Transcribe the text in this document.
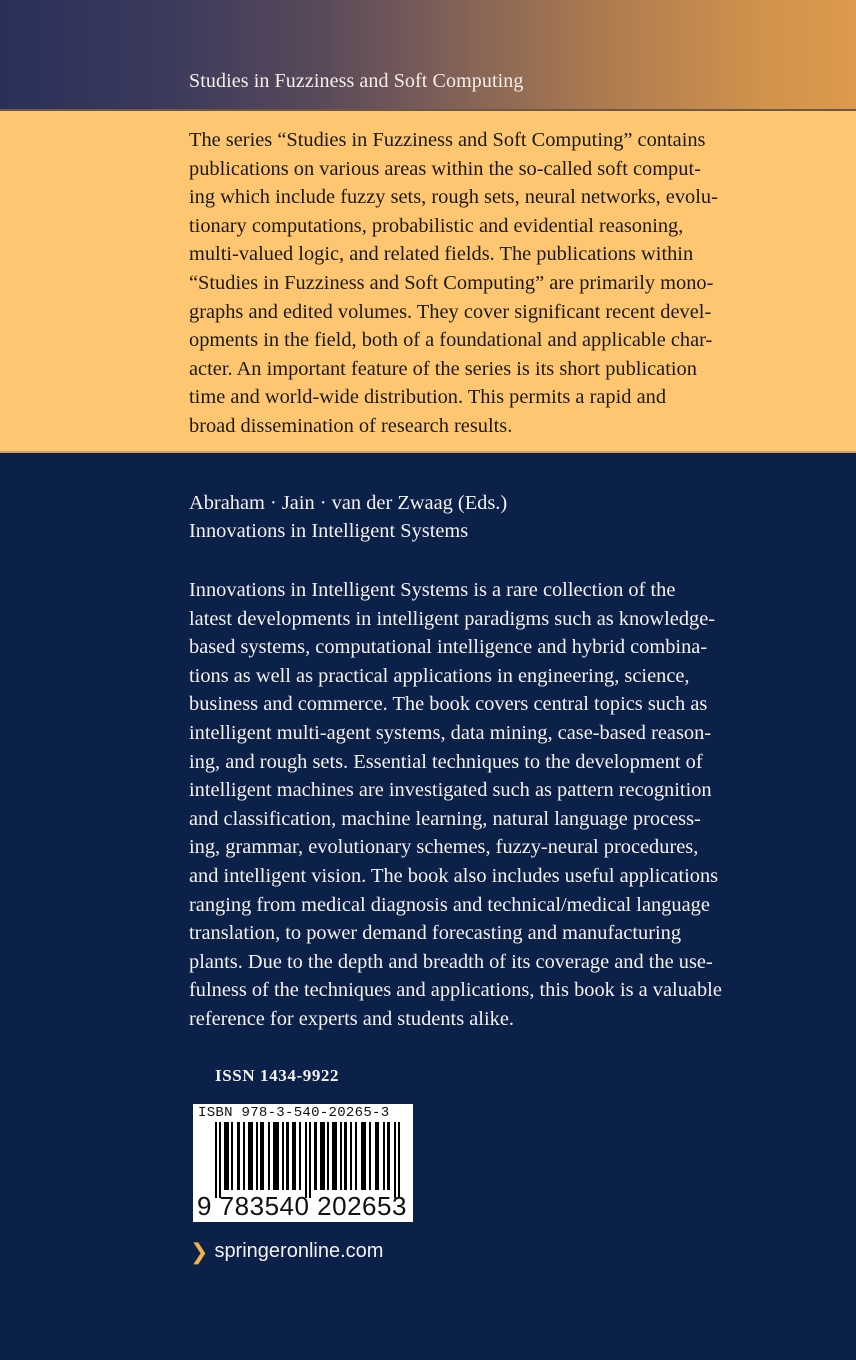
Studies in Fuzziness and Soft Computing
The series “Studies in Fuzziness and Soft Computing” contains
publications on various areas within the so-called soft comput-
ing which include fuzzy sets, rough sets, neural networks, evolu-
tionary computations, probabilistic and evidential reasoning,
multi-valued logic, and related fields. The publications within
“Studies in Fuzziness and Soft Computing” are primarily mono-
graphs and edited volumes. They cover significant recent devel-
opments in the field, both of a foundational and applicable char-
acter. An important feature of the series is its short publication
time and world-wide distribution. This permits a rapid and
broad dissemination of research results.
Abraham · Jain · van der Zwaag (Eds.)
Innovations in Intelligent Systems
Innovations in Intelligent Systems is a rare collection of the
latest developments in intelligent paradigms such as knowledge-
based systems, computational intelligence and hybrid combina-
tions as well as practical applications in engineering, science,
business and commerce. The book covers central topics such as
intelligent multi-agent systems, data mining, case-based reason-
ing, and rough sets. Essential techniques to the development of
intelligent machines are investigated such as pattern recognition
and classification, machine learning, natural language process-
ing, grammar, evolutionary schemes, fuzzy-neural procedures,
and intelligent vision. The book also includes useful applications
ranging from medical diagnosis and technical/medical language
translation, to power demand forecasting and manufacturing
plants. Due to the depth and breadth of its coverage and the use-
fulness of the techniques and applications, this book is a valuable
reference for experts and students alike.
ISSN 1434-9922
ISBN 978-3-540-20265-3
9 783540 202653
❯ springeronline.com
